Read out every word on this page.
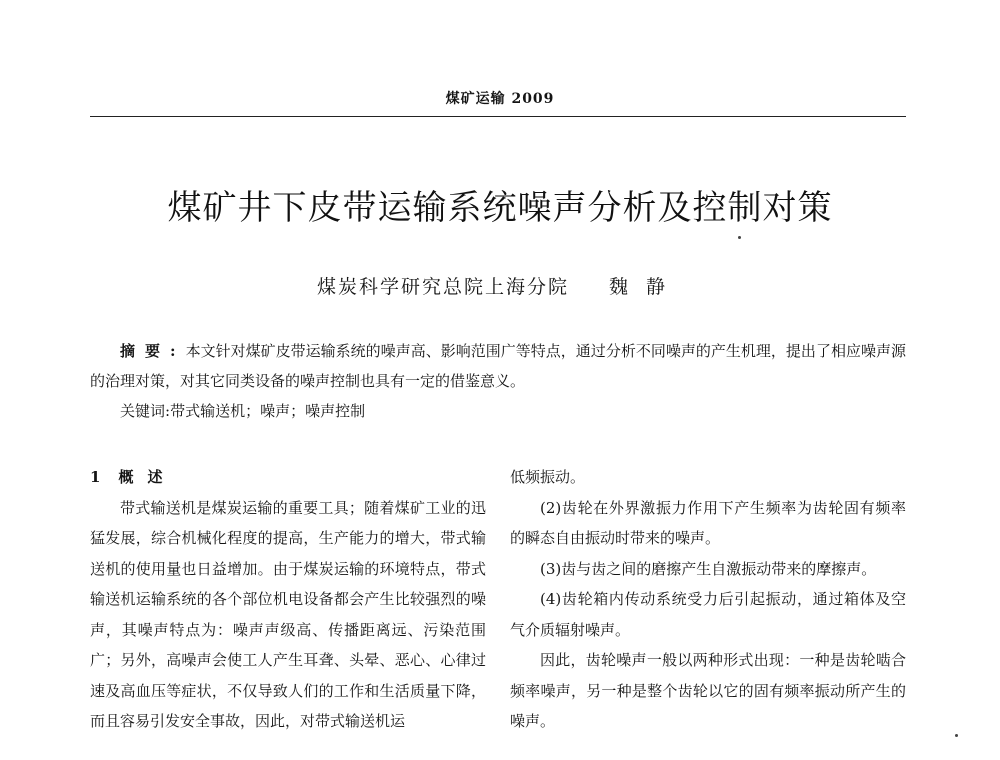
煤矿运输 2009
煤矿井下皮带运输系统噪声分析及控制对策
煤炭科学研究总院上海分院 魏静

摘要:本文针对煤矿皮带运输系统的噪声高、影响范围广等特点，通过分析不同噪声的产生机理，提出了相应噪声源的治理对策，对其它同类设备的噪声控制也具有一定的借鉴意义。

关键词:带式输送机；噪声；噪声控制

1 概述

带式输送机是煤炭运输的重要工具；随着煤矿工业的迅猛发展，综合机械化程度的提高，生产能力的增大，带式输送机的使用量也日益增加。由于煤炭运输的环境特点，带式输送机运输系统的各个部位机电设备都会产生比较强烈的噪声，其噪声特点为：噪声声级高、传播距离远、污染范围广；另外，高噪声会使工人产生耳聋、头晕、恶心、心律过速及高血压等症状，不仅导致人们的工作和生活质量下降，而且容易引发安全事故，因此，对带式输送机运

低频振动。

(2)齿轮在外界激振力作用下产生频率为齿轮固有频率的瞬态自由振动时带来的噪声。

(3)齿与齿之间的磨擦产生自激振动带来的摩擦声。

(4)齿轮箱内传动系统受力后引起振动，通过箱体及空气介质辐射噪声。

因此，齿轮噪声一般以两种形式出现：一种是齿轮啮合频率噪声，另一种是整个齿轮以它的固有频率振动所产生的噪声。
